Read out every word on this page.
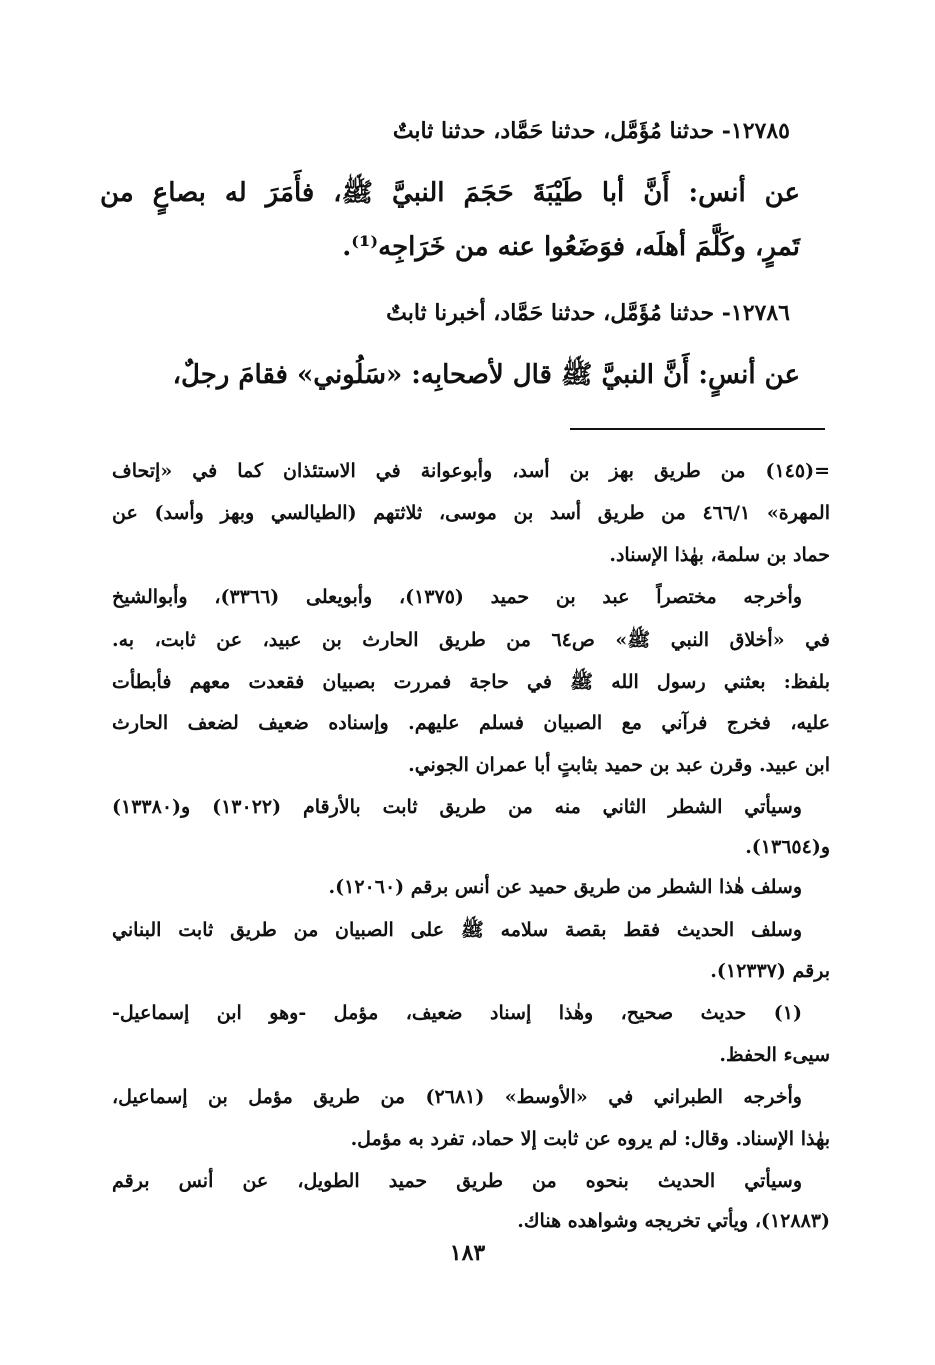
١٢٧٨٥- حدثنا مُؤَمَّل، حدثنا حَمَّاد، حدثنا ثابتٌ
عن أنس: أَنَّ أبا طَيْبَةَ حَجَمَ النبيَّ ﷺ، فأَمَرَ له بصاعٍ من
تَمرٍ، وكَلَّمَ أهلَه، فوَضَعُوا عنه من خَرَاجِه⁽¹⁾.
١٢٧٨٦- حدثنا مُؤَمَّل، حدثنا حَمَّاد، أخبرنا ثابتٌ
عن أنسٍ: أَنَّ النبيَّ ﷺ قال لأصحابِه: «سَلُوني» فقامَ رجلٌ،
=(١٤٥) من طريق بهز بن أسد، وأبوعوانة في الاستئذان كما في «إتحاف
المهرة» ٤٦٦/١ من طريق أسد بن موسى، ثلاثتهم (الطيالسي وبهز وأسد) عن
حماد بن سلمة، بهٰذا الإسناد.
وأخرجه مختصراً عبد بن حميد (١٣٧٥)، وأبويعلى (٣٣٦٦)، وأبوالشيخ
في «أخلاق النبي ﷺ» ص٦٤ من طريق الحارث بن عبيد، عن ثابت، به.
بلفظ: بعثني رسول الله ﷺ في حاجة فمررت بصبيان فقعدت معهم فأبطأت
عليه، فخرج فرآني مع الصبيان فسلم عليهم. وإسناده ضعيف لضعف الحارث
ابن عبيد. وقرن عبد بن حميد بثابتٍ أبا عمران الجوني.
وسيأتي الشطر الثاني منه من طريق ثابت بالأرقام (١٣٠٢٢) و(١٣٣٨٠)
و(١٣٦٥٤).
وسلف هٰذا الشطر من طريق حميد عن أنس برقم (١٢٠٦٠).
وسلف الحديث فقط بقصة سلامه ﷺ على الصبيان من طريق ثابت البناني
برقم (١٢٣٣٧).
(١) حديث صحيح، وهٰذا إسناد ضعيف، مؤمل -وهو ابن إسماعيل-
سيىء الحفظ.
وأخرجه الطبراني في «الأوسط» (٢٦٨١) من طريق مؤمل بن إسماعيل،
بهٰذا الإسناد. وقال: لم يروه عن ثابت إلا حماد، تفرد به مؤمل.
وسيأتي الحديث بنحوه من طريق حميد الطويل، عن أنس برقم
(١٢٨٨٣)، ويأتي تخريجه وشواهده هناك.
١٨٣
